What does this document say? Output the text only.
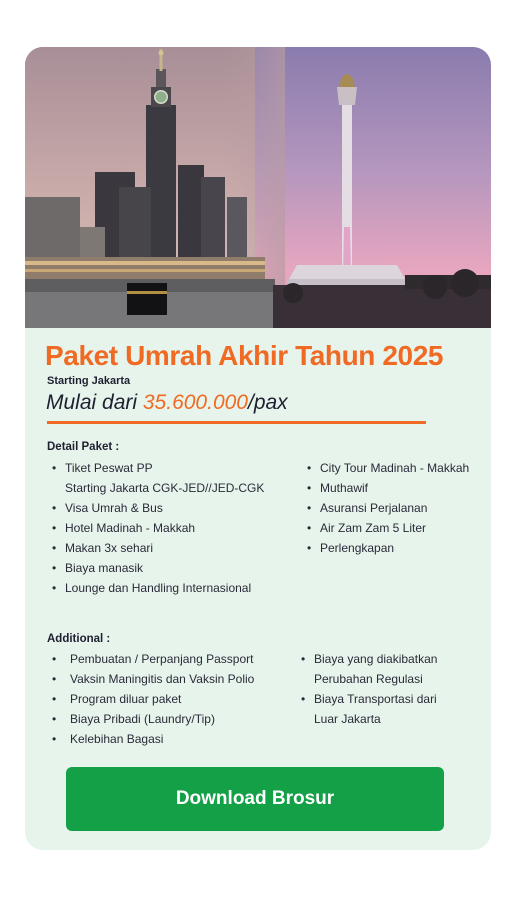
Paket Umrah Akhir Tahun 2025
Starting Jakarta
Mulai dari 35.600.000/pax
Detail Paket :
• Tiket Peswat PP
Starting Jakarta CGK-JED//JED-CGK
• Visa Umrah & Bus
• Hotel Madinah - Makkah
• Makan 3x sehari
• Biaya manasik
• Lounge dan Handling Internasional
• City Tour Madinah - Makkah
• Muthawif
• Asuransi Perjalanan
• Air Zam Zam 5 Liter
• Perlengkapan
Additional :
• Pembuatan / Perpanjang Passport
• Vaksin Maningitis dan Vaksin Polio
• Program diluar paket
• Biaya Pribadi (Laundry/Tip)
• Kelebihan Bagasi
• Biaya yang diakibatkan
Perubahan Regulasi
• Biaya Transportasi dari
Luar Jakarta
Download Brosur
